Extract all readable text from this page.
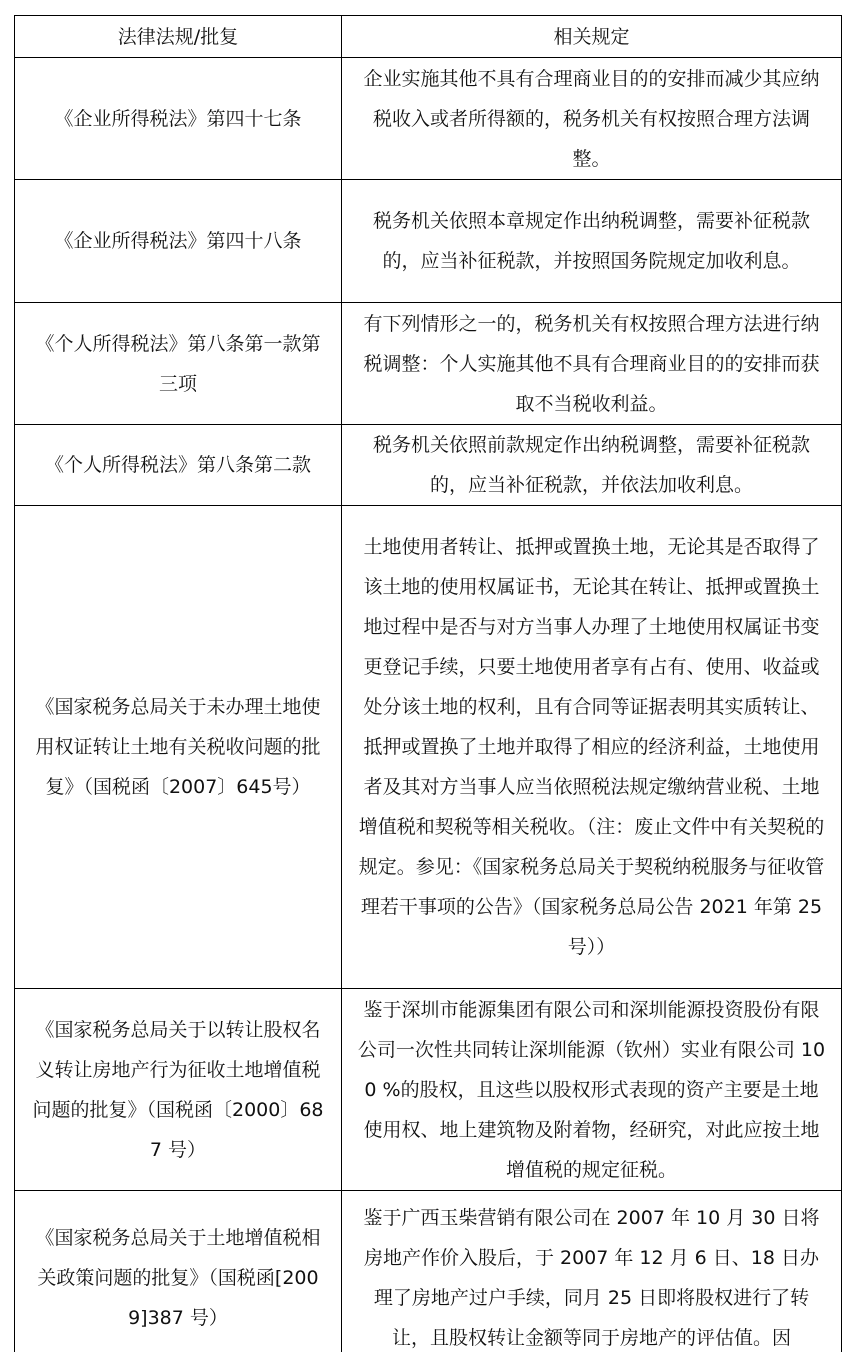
法律法规/批复	相关规定
《企业所得税法》第四十七条	企业实施其他不具有合理商业目的的安排而减少其应纳税收入或者所得额的，税务机关有权按照合理方法调整。
《企业所得税法》第四十八条	税务机关依照本章规定作出纳税调整，需要补征税款的，应当补征税款，并按照国务院规定加收利息。
《个人所得税法》第八条第一款第三项	有下列情形之一的，税务机关有权按照合理方法进行纳税调整：个人实施其他不具有合理商业目的的安排而获取不当税收利益。
《个人所得税法》第八条第二款	税务机关依照前款规定作出纳税调整，需要补征税款的，应当补征税款，并依法加收利息。
《国家税务总局关于未办理土地使用权证转让土地有关税收问题的批复》（国税函〔2007〕645号）	土地使用者转让、抵押或置换土地，无论其是否取得了该土地的使用权属证书，无论其在转让、抵押或置换土地过程中是否与对方当事人办理了土地使用权属证书变更登记手续，只要土地使用者享有占有、使用、收益或处分该土地的权利，且有合同等证据表明其实质转让、抵押或置换了土地并取得了相应的经济利益，土地使用者及其对方当事人应当依照税法规定缴纳营业税、土地增值税和契税等相关税收。（注：废止文件中有关契税的规定。参见：《国家税务总局关于契税纳税服务与征收管理若干事项的公告》（国家税务总局公告 2021 年第 25 号））
《国家税务总局关于以转让股权名义转让房地产行为征收土地增值税问题的批复》（国税函〔2000〕687 号）	鉴于深圳市能源集团有限公司和深圳能源投资股份有限公司一次性共同转让深圳能源（钦州）实业有限公司 100 %的股权，且这些以股权形式表现的资产主要是土地使用权、地上建筑物及附着物，经研究，对此应按土地增值税的规定征税。
《国家税务总局关于土地增值税相关政策问题的批复》（国税函[2009]387 号）	鉴于广西玉柴营销有限公司在 2007 年 10 月 30 日将房地产作价入股后，于 2007 年 12 月 6 日、18 日办理了房地产过户手续，同月 25 日即将股权进行了转让，且股权转让金额等同于房地产的评估值。因
